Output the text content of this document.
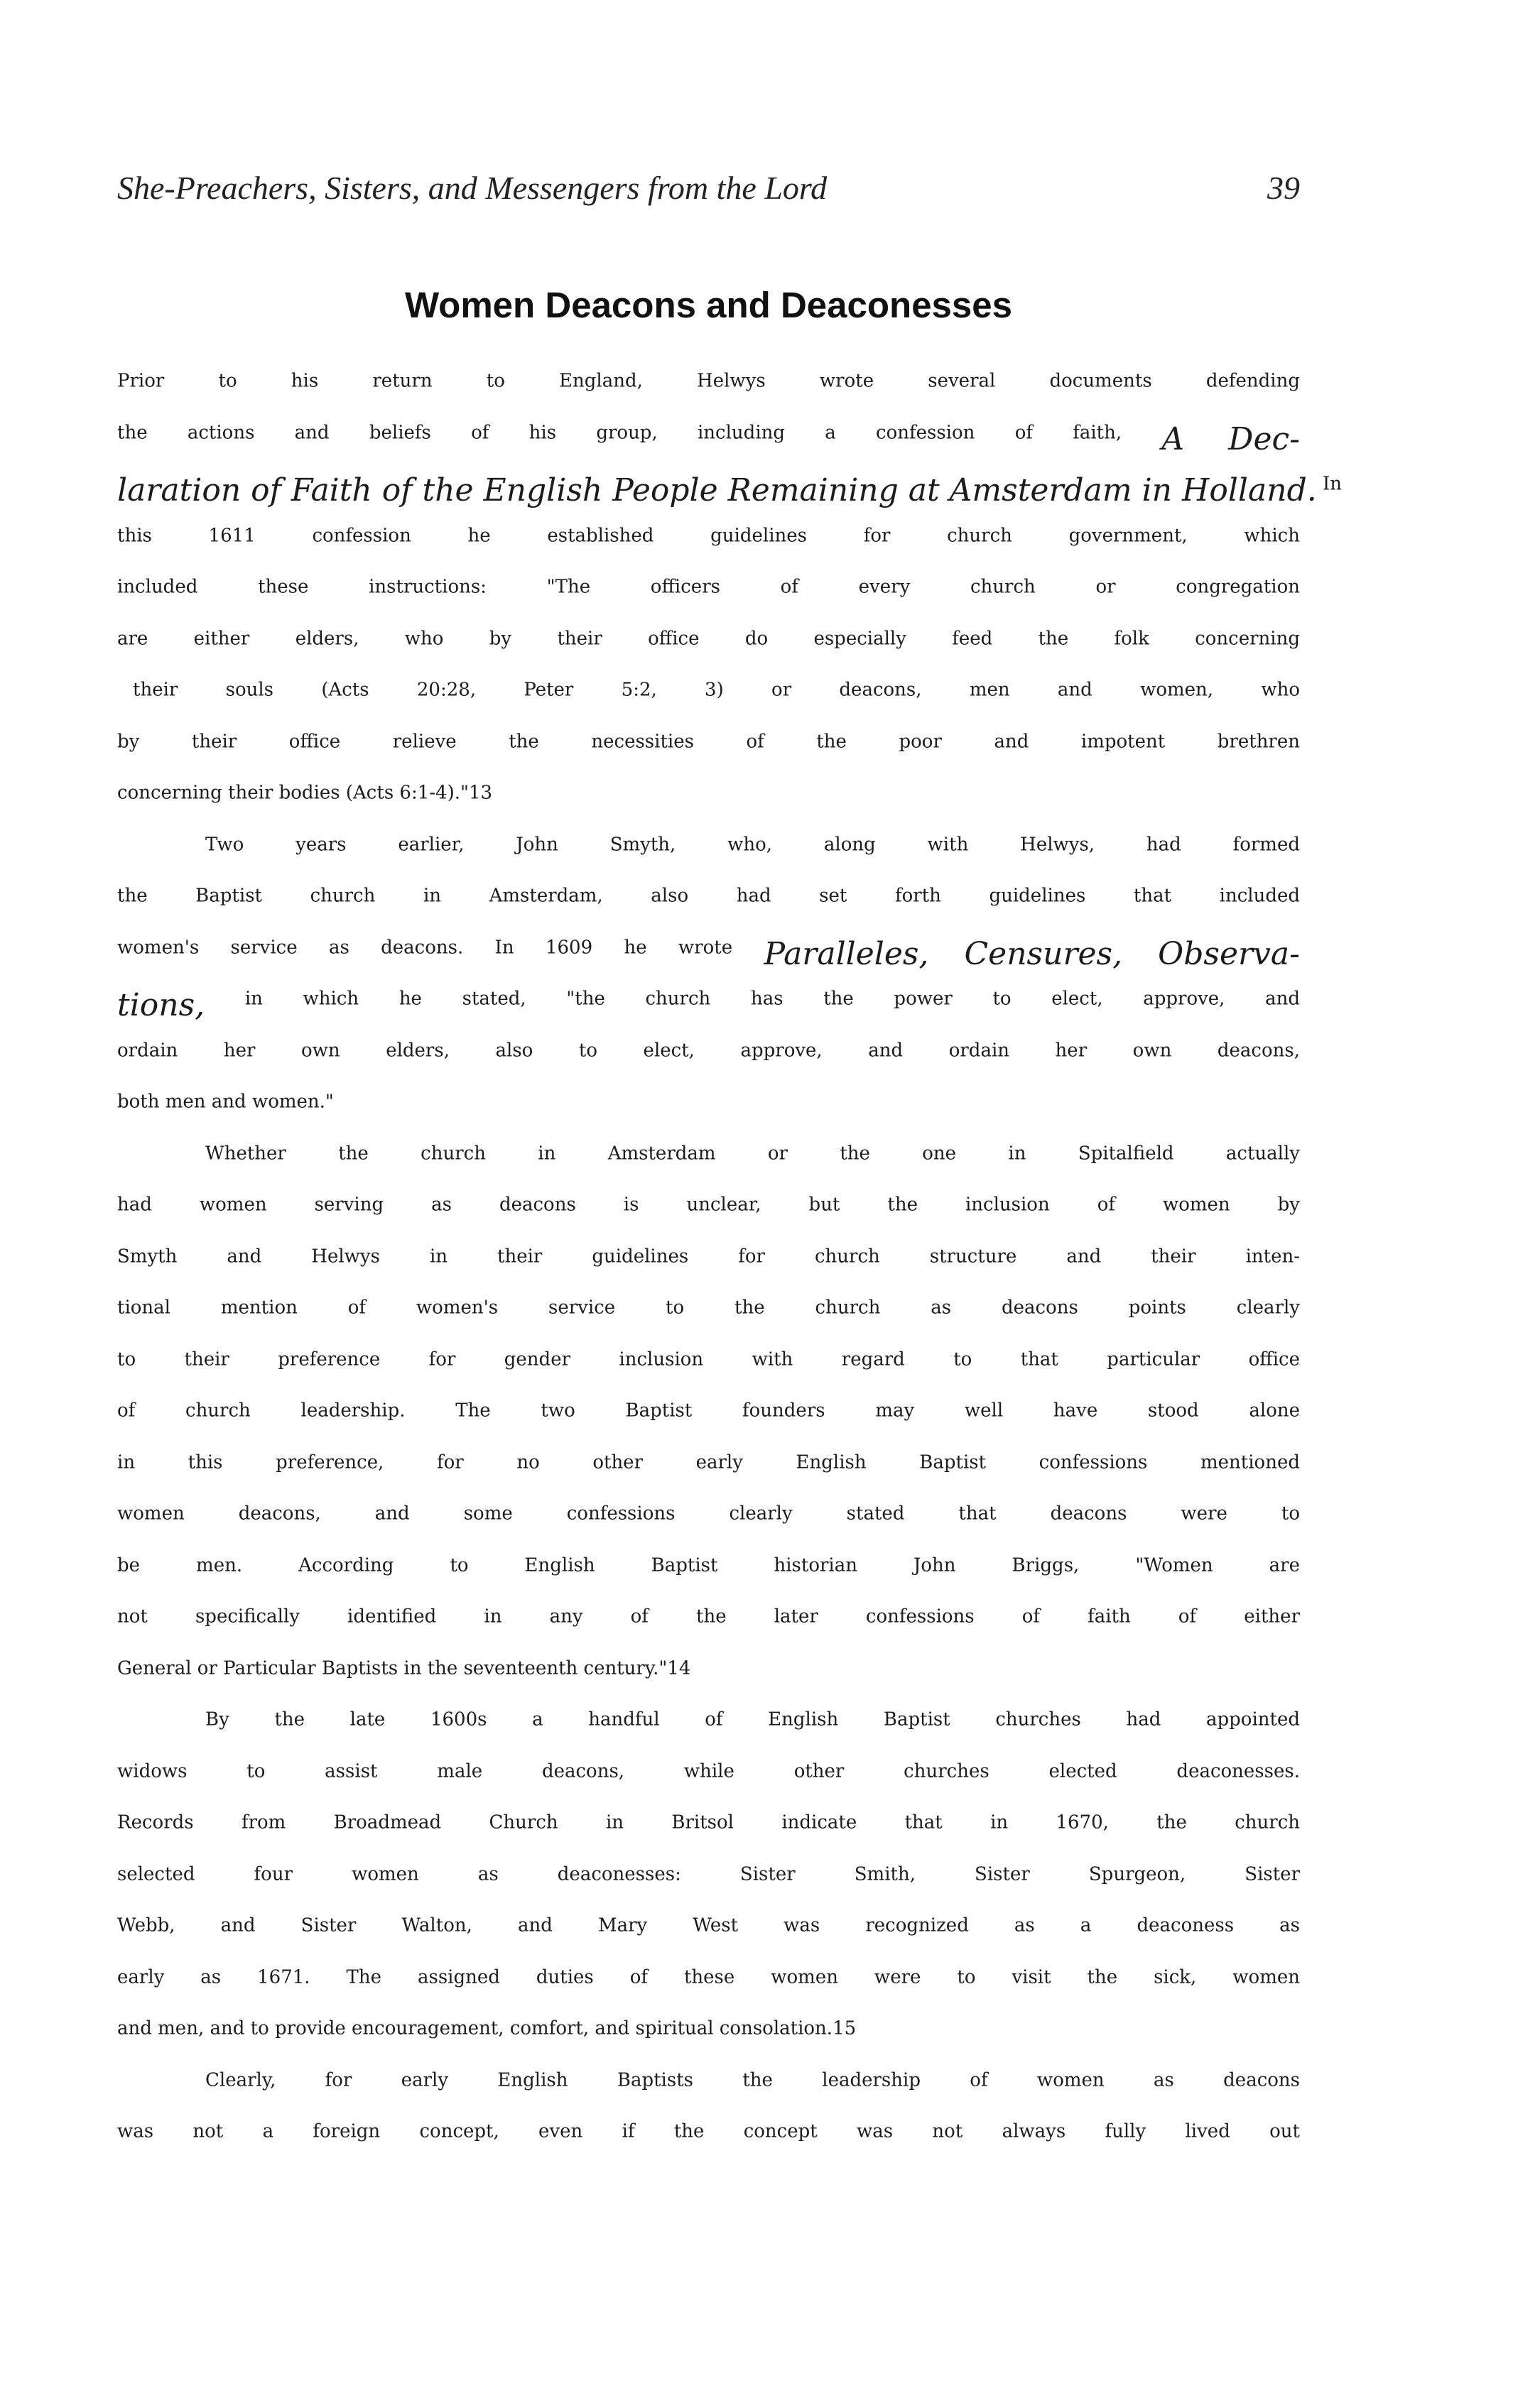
She-Preachers, Sisters, and Messengers from the Lord	39
Women Deacons and Deaconesses
$^{Prior to his return to England, Helwys wrote several documents defending}$
$^{the actions and beliefs of his group, including a confession of faith,}$ A Dec-
laration of Faith of the English People Remaining at Amsterdam in Holland. $^{In}$
$^{this 1611 confession he established guidelines for church government, which}$
$^{included these instructions: "The officers of every church or congregation}$
$^{are either elders, who by their office do especially feed the folk concerning}$
$^{their souls (Acts 20:28, Peter 5:2, 3) or deacons, men and women, who}$
$^{by their office relieve the necessities of the poor and impotent brethren}$
$^{concerning their bodies (Acts 6:1-4)."13}$
$^{Two years earlier, John Smyth, who, along with Helwys, had formed}$
$^{the Baptist church in Amsterdam, also had set forth guidelines that included}$
$^{women's service as deacons. In 1609 he wrote}$ Paralleles, Censures, Observa-
tions, $^{in which he stated, "the church has the power to elect, approve, and}$
$^{ordain her own elders, also to elect, approve, and ordain her own deacons,}$
$^{both men and women."}$
$^{Whether the church in Amsterdam or the one in Spitalfield actually}$
$^{had women serving as deacons is unclear, but the inclusion of women by}$
$^{Smyth and Helwys in their guidelines for church structure and their inten-}$
$^{tional mention of women's service to the church as deacons points clearly}$
$^{to their preference for gender inclusion with regard to that particular office}$
$^{of church leadership. The two Baptist founders may well have stood alone}$
$^{in this preference, for no other early English Baptist confessions mentioned}$
$^{women deacons, and some confessions clearly stated that deacons were to}$
$^{be men. According to English Baptist historian John Briggs, "Women are}$
$^{not specifically identified in any of the later confessions of faith of either}$
$^{General or Particular Baptists in the seventeenth century."14}$
$^{By the late 1600s a handful of English Baptist churches had appointed}$
$^{widows to assist male deacons, while other churches elected deaconesses.}$
$^{Records from Broadmead Church in Britsol indicate that in 1670, the church}$
$^{selected four women as deaconesses: Sister Smith, Sister Spurgeon, Sister}$
$^{Webb, and Sister Walton, and Mary West was recognized as a deaconess as}$
$^{early as 1671. The assigned duties of these women were to visit the sick, women}$
$^{and men, and to provide encouragement, comfort, and spiritual consolation.15}$
$^{Clearly, for early English Baptists the leadership of women as deacons}$
$^{was not a foreign concept, even if the concept was not always fully lived out}$
